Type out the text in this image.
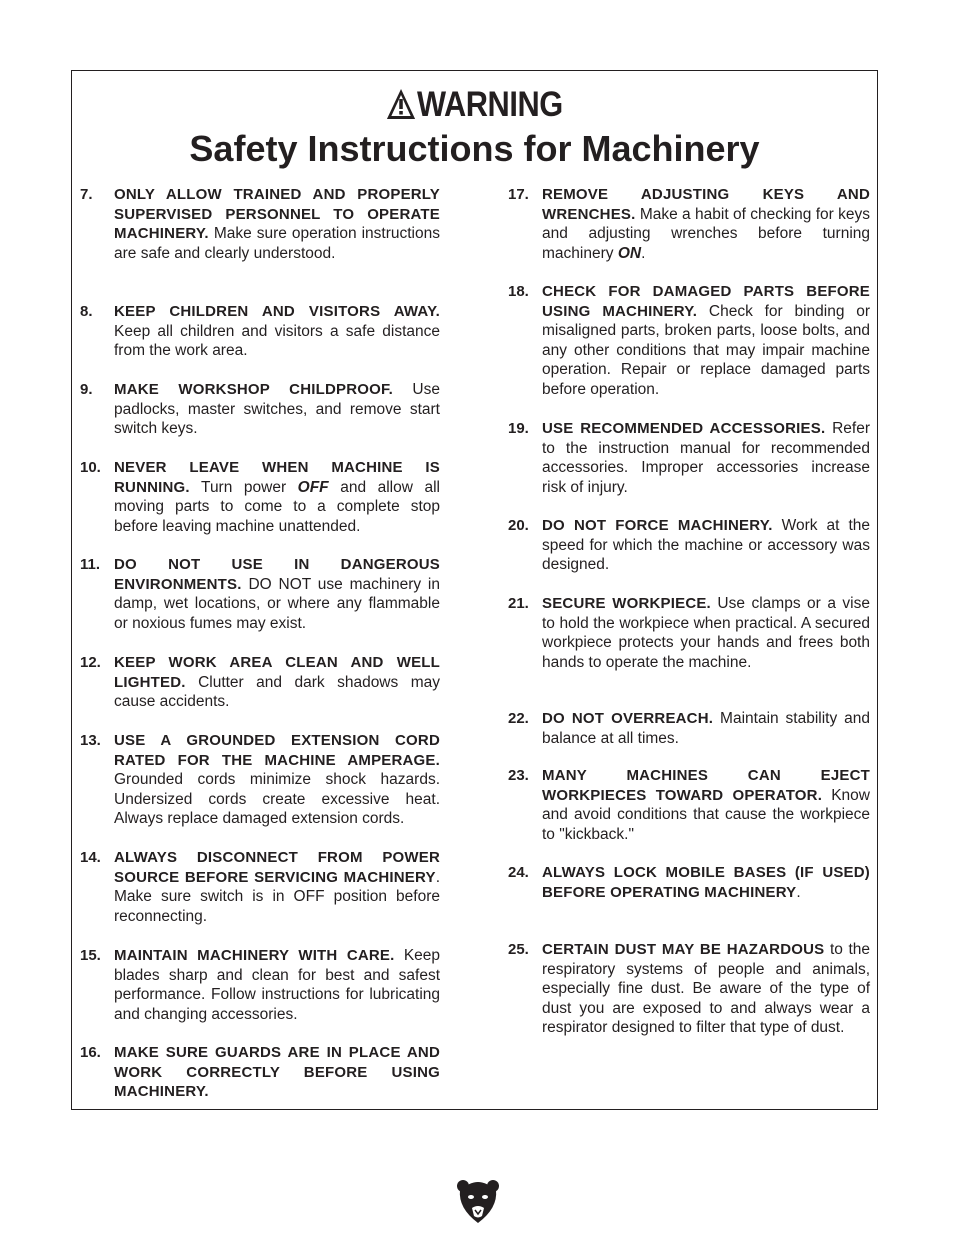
WARNING
Safety Instructions for Machinery
7. ONLY ALLOW TRAINED AND PROPERLY SUPERVISED PERSONNEL TO OPERATE MACHINERY. Make sure operation instructions are safe and clearly understood.
8. KEEP CHILDREN AND VISITORS AWAY. Keep all children and visitors a safe distance from the work area.
9. MAKE WORKSHOP CHILDPROOF. Use padlocks, master switches, and remove start switch keys.
10. NEVER LEAVE WHEN MACHINE IS RUNNING. Turn power OFF and allow all moving parts to come to a complete stop before leaving machine unattended.
11. DO NOT USE IN DANGEROUS ENVIRONMENTS. DO NOT use machinery in damp, wet locations, or where any flammable or noxious fumes may exist.
12. KEEP WORK AREA CLEAN AND WELL LIGHTED. Clutter and dark shadows may cause accidents.
13. USE A GROUNDED EXTENSION CORD RATED FOR THE MACHINE AMPERAGE. Grounded cords minimize shock hazards. Undersized cords create excessive heat. Always replace damaged extension cords.
14. ALWAYS DISCONNECT FROM POWER SOURCE BEFORE SERVICING MACHINERY. Make sure switch is in OFF position before reconnecting.
15. MAINTAIN MACHINERY WITH CARE. Keep blades sharp and clean for best and safest performance. Follow instructions for lubricating and changing accessories.
16. MAKE SURE GUARDS ARE IN PLACE AND WORK CORRECTLY BEFORE USING MACHINERY.
17. REMOVE ADJUSTING KEYS AND WRENCHES. Make a habit of checking for keys and adjusting wrenches before turning machinery ON.
18. CHECK FOR DAMAGED PARTS BEFORE USING MACHINERY. Check for binding or misaligned parts, broken parts, loose bolts, and any other conditions that may impair machine operation. Repair or replace damaged parts before operation.
19. USE RECOMMENDED ACCESSORIES. Refer to the instruction manual for recommended accessories. Improper accessories increase risk of injury.
20. DO NOT FORCE MACHINERY. Work at the speed for which the machine or accessory was designed.
21. SECURE WORKPIECE. Use clamps or a vise to hold the workpiece when practical. A secured workpiece protects your hands and frees both hands to operate the machine.
22. DO NOT OVERREACH. Maintain stability and balance at all times.
23. MANY MACHINES CAN EJECT WORKPIECES TOWARD OPERATOR. Know and avoid conditions that cause the workpiece to "kickback."
24. ALWAYS LOCK MOBILE BASES (IF USED) BEFORE OPERATING MACHINERY.
25. CERTAIN DUST MAY BE HAZARDOUS to the respiratory systems of people and animals, especially fine dust. Be aware of the type of dust you are exposed to and always wear a respirator designed to filter that type of dust.
